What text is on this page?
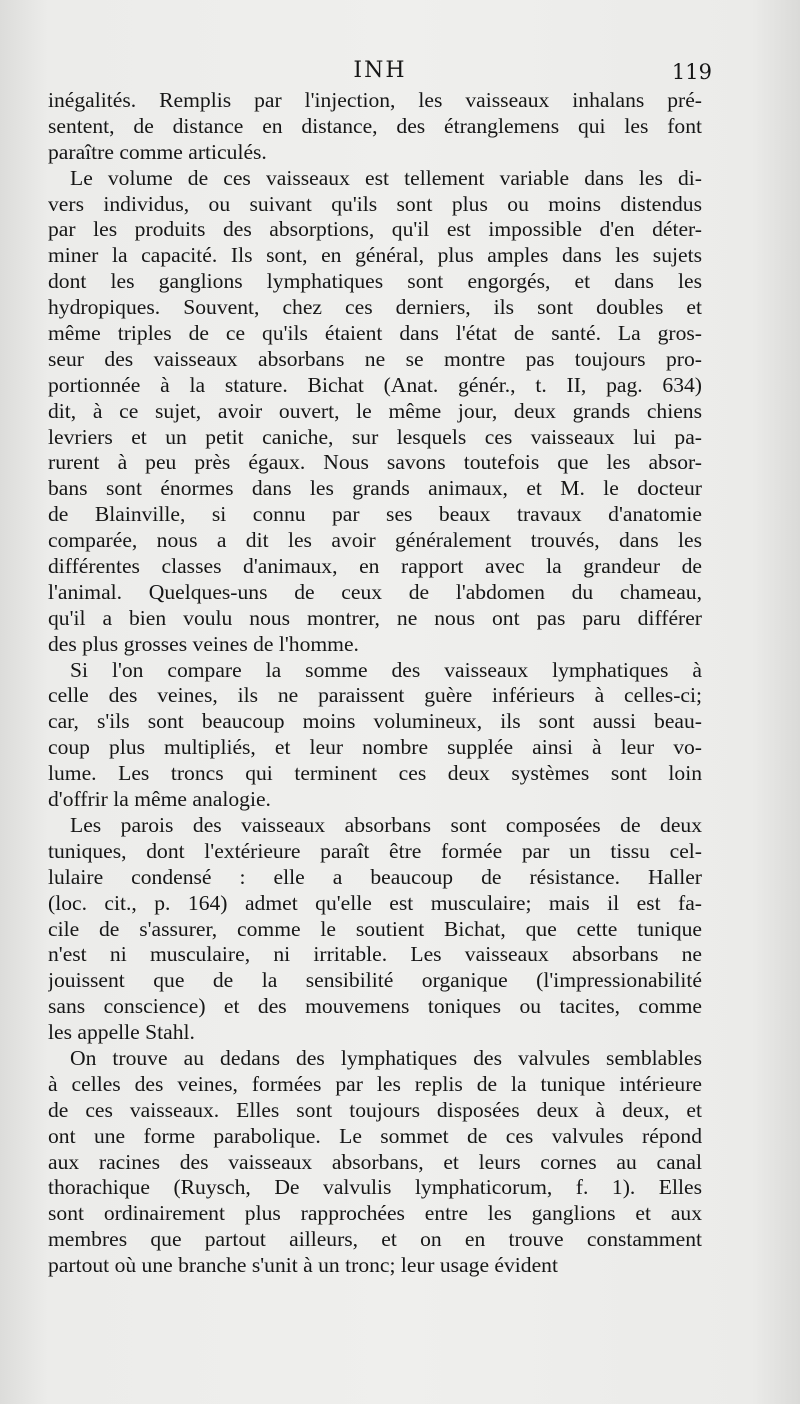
INH	119
inégalités. Remplis par l'injection, les vaisseaux inhalans pré-
sentent, de distance en distance, des étranglemens qui les font
paraître comme articulés.
Le volume de ces vaisseaux est tellement variable dans les di-
vers individus, ou suivant qu'ils sont plus ou moins distendus
par les produits des absorptions, qu'il est impossible d'en déter-
miner la capacité. Ils sont, en général, plus amples dans les sujets
dont les ganglions lymphatiques sont engorgés, et dans les
hydropiques. Souvent, chez ces derniers, ils sont doubles et
même triples de ce qu'ils étaient dans l'état de santé. La gros-
seur des vaisseaux absorbans ne se montre pas toujours pro-
portionnée à la stature. Bichat (Anat. génér., t. II, pag. 634)
dit, à ce sujet, avoir ouvert, le même jour, deux grands chiens
levriers et un petit caniche, sur lesquels ces vaisseaux lui pa-
rurent à peu près égaux. Nous savons toutefois que les absor-
bans sont énormes dans les grands animaux, et M. le docteur
de Blainville, si connu par ses beaux travaux d'anatomie
comparée, nous a dit les avoir généralement trouvés, dans les
différentes classes d'animaux, en rapport avec la grandeur de
l'animal. Quelques-uns de ceux de l'abdomen du chameau,
qu'il a bien voulu nous montrer, ne nous ont pas paru différer
des plus grosses veines de l'homme.
Si l'on compare la somme des vaisseaux lymphatiques à
celle des veines, ils ne paraissent guère inférieurs à celles-ci;
car, s'ils sont beaucoup moins volumineux, ils sont aussi beau-
coup plus multipliés, et leur nombre supplée ainsi à leur vo-
lume. Les troncs qui terminent ces deux systèmes sont loin
d'offrir la même analogie.
Les parois des vaisseaux absorbans sont composées de deux
tuniques, dont l'extérieure paraît être formée par un tissu cel-
lulaire condensé : elle a beaucoup de résistance. Haller
(loc. cit., p. 164) admet qu'elle est musculaire; mais il est fa-
cile de s'assurer, comme le soutient Bichat, que cette tunique
n'est ni musculaire, ni irritable. Les vaisseaux absorbans ne
jouissent que de la sensibilité organique (l'impressionabilité
sans conscience) et des mouvemens toniques ou tacites, comme
les appelle Stahl.
On trouve au dedans des lymphatiques des valvules semblables
à celles des veines, formées par les replis de la tunique intérieure
de ces vaisseaux. Elles sont toujours disposées deux à deux, et
ont une forme parabolique. Le sommet de ces valvules répond
aux racines des vaisseaux absorbans, et leurs cornes au canal
thorachique (Ruysch, De valvulis lymphaticorum, f. 1). Elles
sont ordinairement plus rapprochées entre les ganglions et aux
membres que partout ailleurs, et on en trouve constamment
partout où une branche s'unit à un tronc; leur usage évident
